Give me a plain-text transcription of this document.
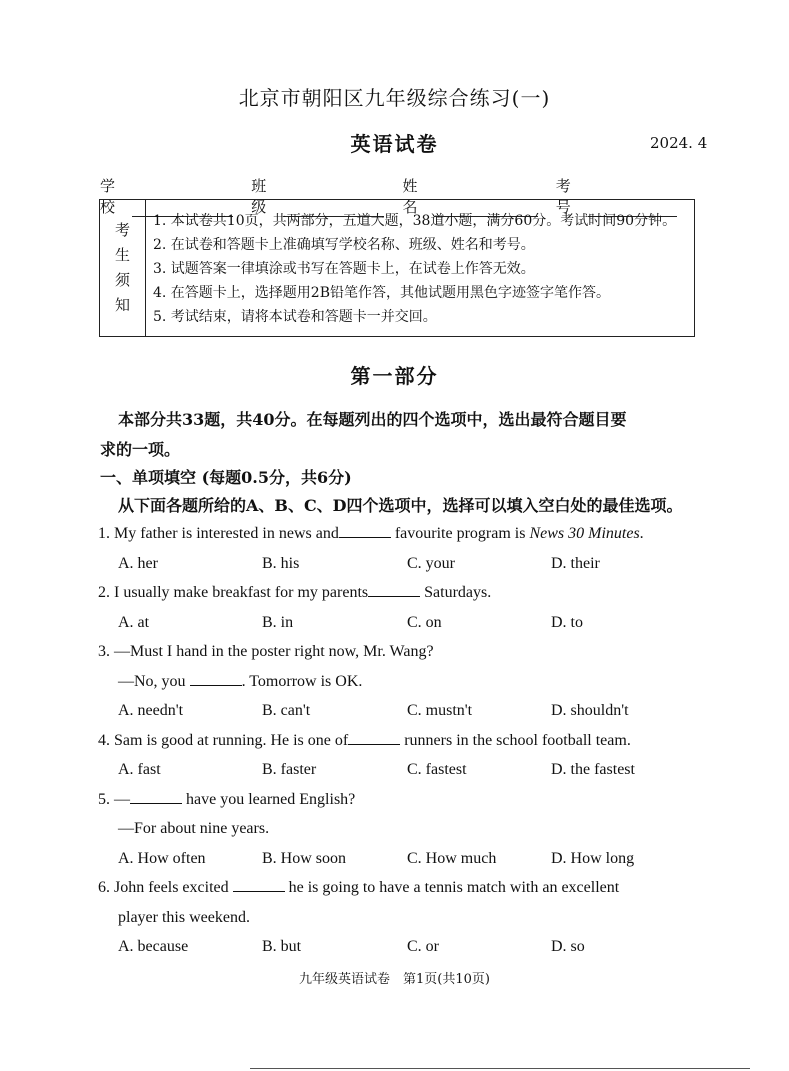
北京市朝阳区九年级综合练习(一)
英语试卷	2024. 4
学校
班级
姓名
考号
考
生
须
知
1. 本试卷共10页，共两部分，五道大题，38道小题，满分60分。考试时间90分钟。
2. 在试卷和答题卡上准确填写学校名称、班级、姓名和考号。
3. 试题答案一律填涂或书写在答题卡上，在试卷上作答无效。
4. 在答题卡上，选择题用2B铅笔作答，其他试题用黑色字迹签字笔作答。
5. 考试结束，请将本试卷和答题卡一并交回。
第一部分
本部分共33题，共40分。在每题列出的四个选项中，选出最符合题目要
求的一项。
一、单项填空 (每题0.5分，共6分)
从下面各题所给的A、B、C、D四个选项中，选择可以填入空白处的最佳选项。
1. My father is interested in news and	favourite program is News 30 Minutes.
A. her	B. his	C. your	D. their
2. I usually make breakfast for my parents	Saturdays.
A. at	B. in	C. on	D. to
3. —Must I hand in the poster right now, Mr. Wang?
—No, you	. Tomorrow is OK.
A. needn't	B. can't	C. mustn't	D. shouldn't
4. Sam is good at running. He is one of	runners in the school football team.
A. fast	B. faster	C. fastest	D. the fastest
5. —	have you learned English?
—For about nine years.
A. How often	B. How soon	C. How much	D. How long
6. John feels excited	he is going to have a tennis match with an excellent
player this weekend.
A. because	B. but	C. or	D. so
九年级英语试卷　第1页(共10页)
